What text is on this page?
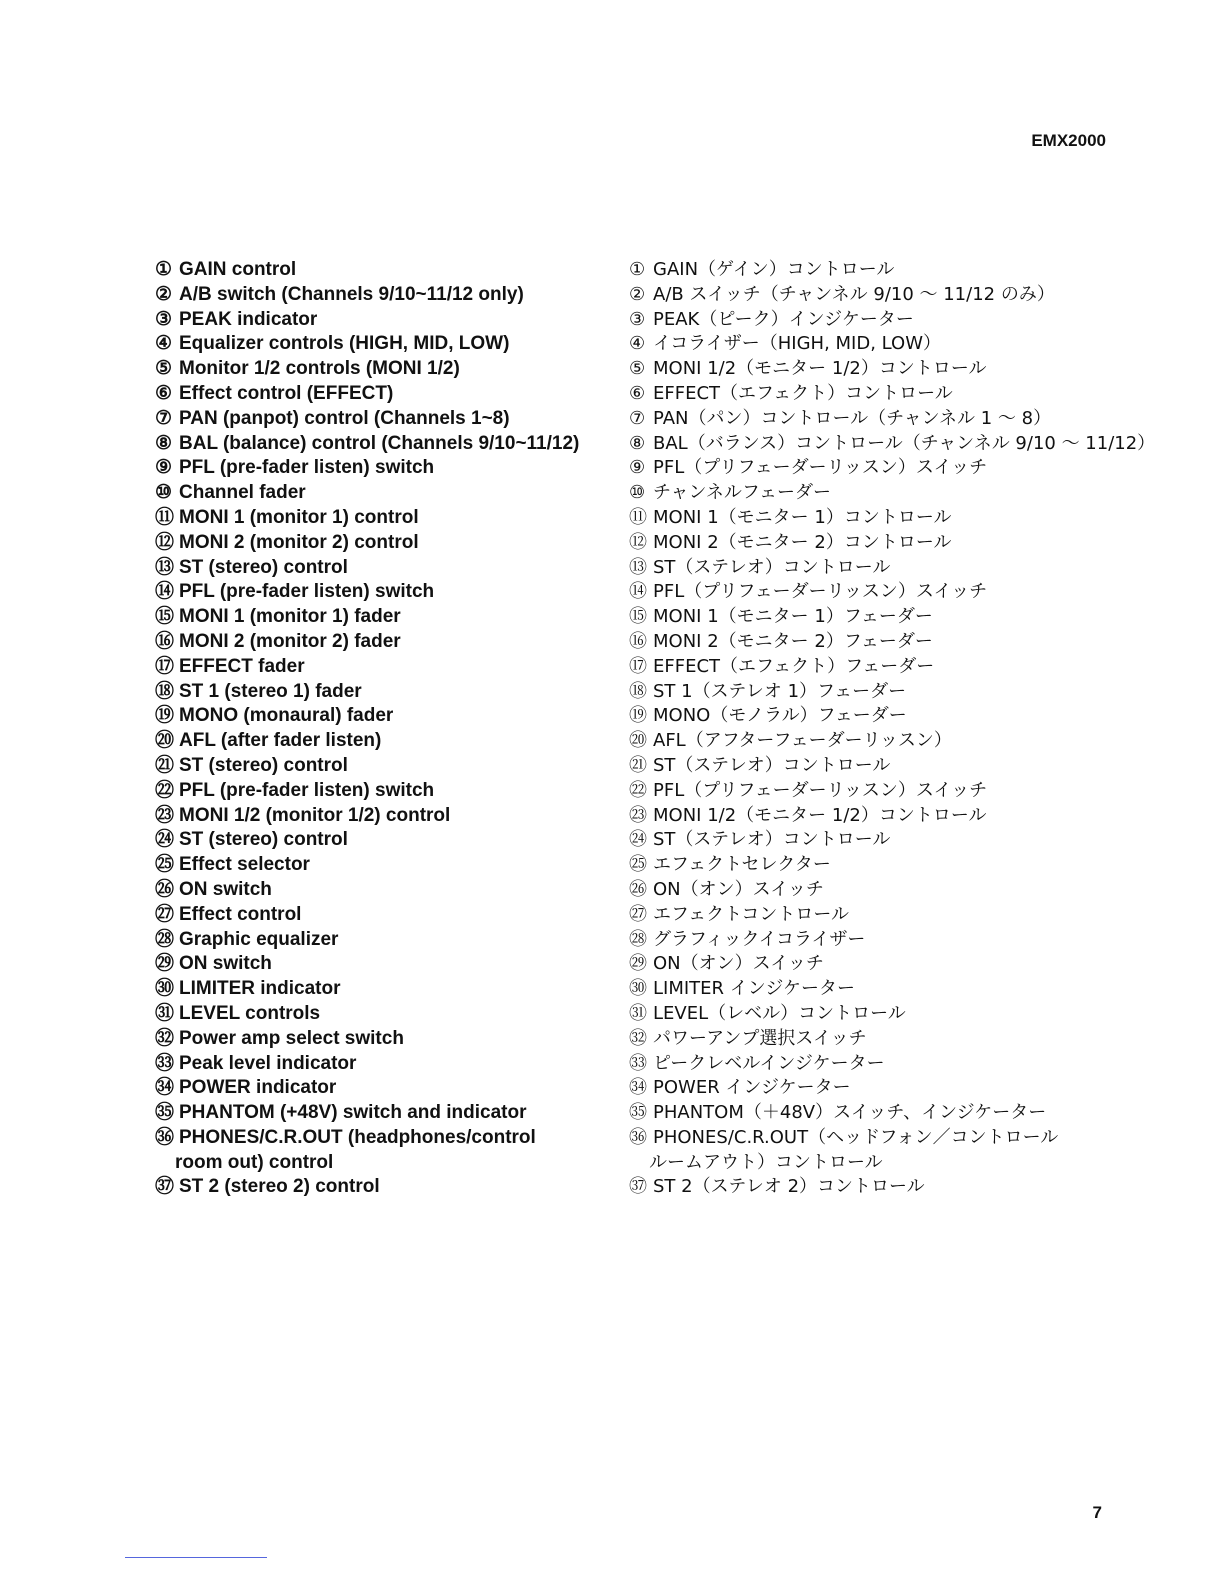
EMX2000
① GAIN control
② A/B switch (Channels 9/10~11/12 only)
③ PEAK indicator
④ Equalizer controls (HIGH, MID, LOW)
⑤ Monitor 1/2 controls (MONI 1/2)
⑥ Effect control (EFFECT)
⑦ PAN (panpot) control (Channels 1~8)
⑧ BAL (balance) control (Channels 9/10~11/12)
⑨ PFL (pre-fader listen) switch
⑩ Channel fader
⑪ MONI 1 (monitor 1) control
⑫ MONI 2 (monitor 2) control
⑬ ST (stereo) control
⑭ PFL (pre-fader listen) switch
⑮ MONI 1 (monitor 1) fader
⑯ MONI 2 (monitor 2) fader
⑰ EFFECT fader
⑱ ST 1 (stereo 1) fader
⑲ MONO (monaural) fader
⑳ AFL (after fader listen)
㉑ ST (stereo) control
㉒ PFL (pre-fader listen) switch
㉓ MONI 1/2 (monitor 1/2) control
㉔ ST (stereo) control
㉕ Effect selector
㉖ ON switch
㉗ Effect control
㉘ Graphic equalizer
㉙ ON switch
㉚ LIMITER indicator
㉛ LEVEL controls
㉜ Power amp select switch
㉝ Peak level indicator
㉞ POWER indicator
㉟ PHANTOM (+48V) switch and indicator
㊱ PHONES/C.R.OUT (headphones/control
room out) control
㊲ ST 2 (stereo 2) control
① GAIN（ゲイン）コントロール
② A/B スイッチ（チャンネル 9/10 ～ 11/12 のみ）
③ PEAK（ピーク）インジケーター
④ イコライザー（HIGH, MID, LOW）
⑤ MONI 1/2（モニター 1/2）コントロール
⑥ EFFECT（エフェクト）コントロール
⑦ PAN（パン）コントロール（チャンネル 1 ～ 8）
⑧ BAL（バランス）コントロール（チャンネル 9/10 ～ 11/12）
⑨ PFL（プリフェーダーリッスン）スイッチ
⑩ チャンネルフェーダー
⑪ MONI 1（モニター 1）コントロール
⑫ MONI 2（モニター 2）コントロール
⑬ ST（ステレオ）コントロール
⑭ PFL（プリフェーダーリッスン）スイッチ
⑮ MONI 1（モニター 1）フェーダー
⑯ MONI 2（モニター 2）フェーダー
⑰ EFFECT（エフェクト）フェーダー
⑱ ST 1（ステレオ 1）フェーダー
⑲ MONO（モノラル）フェーダー
⑳ AFL（アフターフェーダーリッスン）
㉑ ST（ステレオ）コントロール
㉒ PFL（プリフェーダーリッスン）スイッチ
㉓ MONI 1/2（モニター 1/2）コントロール
㉔ ST（ステレオ）コントロール
㉕ エフェクトセレクター
㉖ ON（オン）スイッチ
㉗ エフェクトコントロール
㉘ グラフィックイコライザー
㉙ ON（オン）スイッチ
㉚ LIMITER インジケーター
㉛ LEVEL（レベル）コントロール
㉜ パワーアンプ選択スイッチ
㉝ ピークレベルインジケーター
㉞ POWER インジケーター
㉟ PHANTOM（＋48V）スイッチ、インジケーター
㊱ PHONES/C.R.OUT（ヘッドフォン／コントロール
ルームアウト）コントロール
㊲ ST 2（ステレオ 2）コントロール
7
